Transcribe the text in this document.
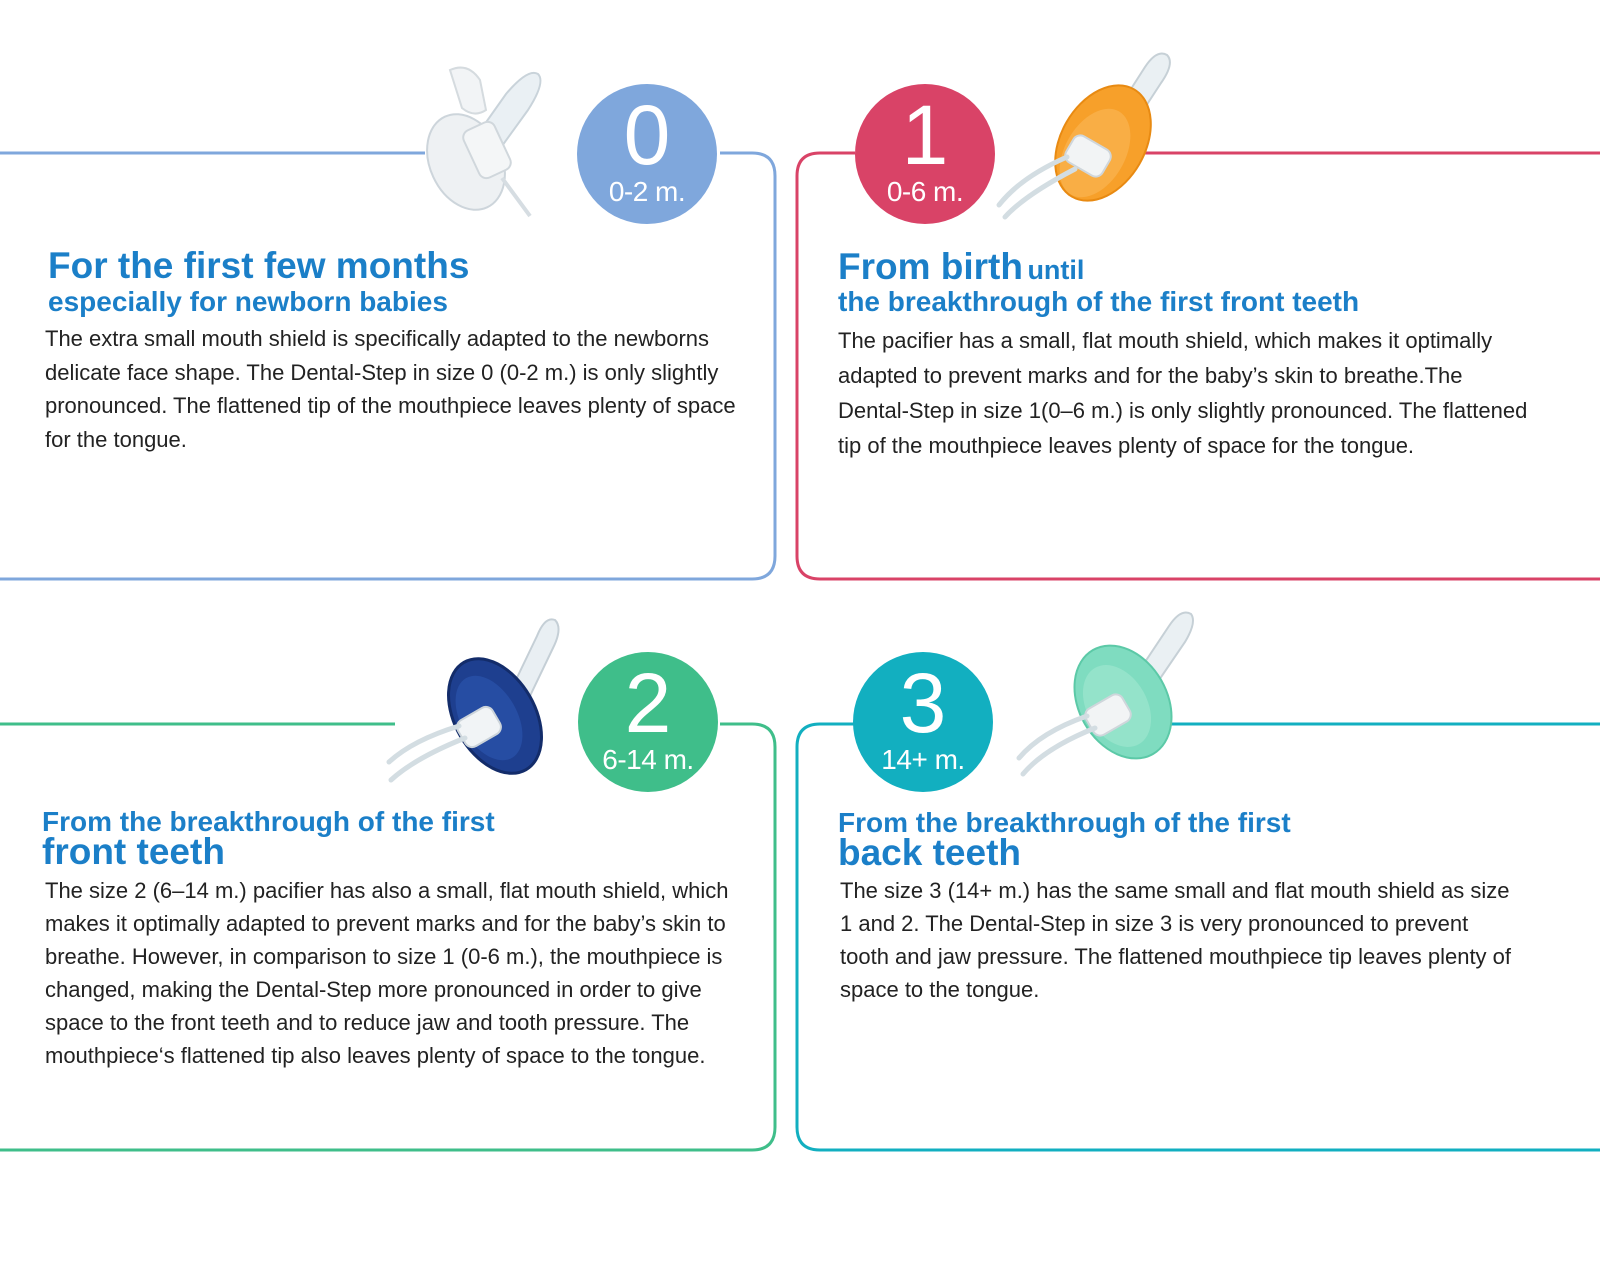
0
0-2 m.
For the first few months
especially for newborn babies

The extra small mouth shield is specifically adapted to the newborns delicate face shape. The Dental-Step in size 0 (0-2 m.) is only slightly pronounced. The flattened tip of the mouthpiece leaves plenty of space for the tongue.

1
0-6 m.
From birth until
the breakthrough of the first front teeth

The pacifier has a small, flat mouth shield, which makes it optimally adapted to prevent marks and for the baby’s skin to breathe.The Dental-Step in size 1(0–6 m.) is only slightly pronounced. The flattened tip of the mouthpiece leaves plenty of space for the tongue.

2
6-14 m.
From the breakthrough of the first
front teeth

The size 2 (6–14 m.) pacifier has also a small, flat mouth shield, which makes it optimally adapted to prevent marks and for the baby’s skin to breathe. However, in comparison to size 1 (0-6 m.), the mouthpiece is changed, making the Dental-Step more pronounced in order to give space to the front teeth and to reduce jaw and tooth pressure. The mouthpiece‘s flattened tip also leaves plenty of space to the tongue.

3
14+ m.
From the breakthrough of the first
back teeth

The size 3 (14+ m.) has the same small and flat mouth shield as size 1 and 2. The Dental-Step in size 3 is very pronounced to prevent tooth and jaw pressure. The flattened mouthpiece tip leaves plenty of space to the tongue.
